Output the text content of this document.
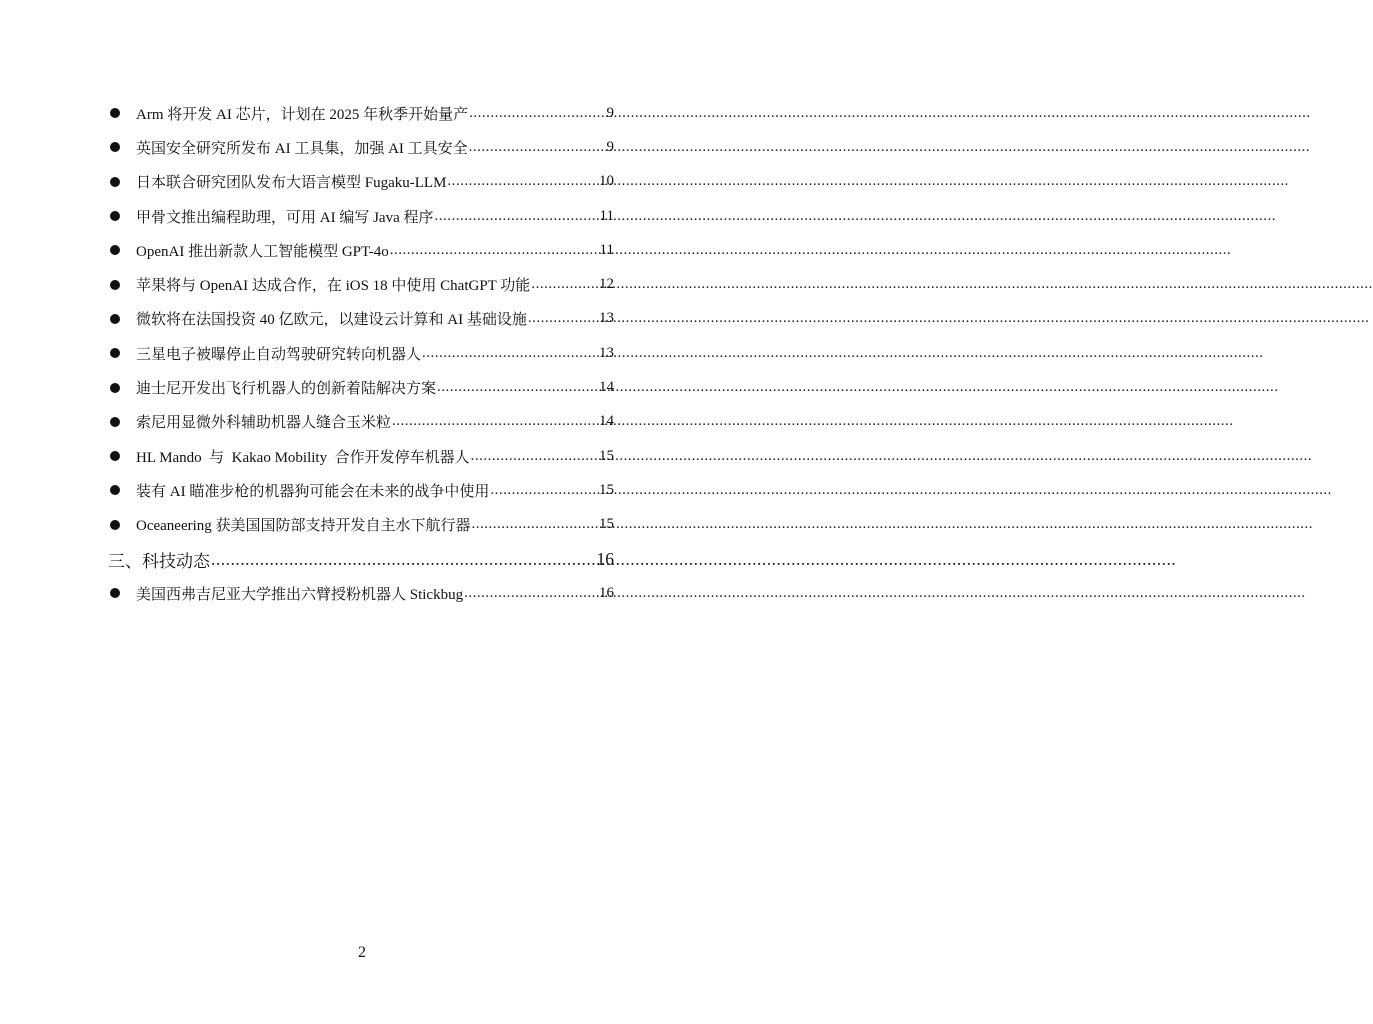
Arm 将开发 AI 芯片，计划在 2025 年秋季开始量产 .....	9
英国安全研究所发布 AI 工具集，加强 AI 工具安全 .....	9
日本联合研究团队发布大语言模型 Fugaku-LLM .....	10
甲骨文推出编程助理，可用 AI 编写 Java 程序 .....	11
OpenAI 推出新款人工智能模型 GPT-4o .....	11
苹果将与 OpenAI 达成合作，在 iOS 18 中使用 ChatGPT 功能 .....	12
微软将在法国投资 40 亿欧元，以建设云计算和 AI 基础设施 .....	13
三星电子被曝停止自动驾驶研究转向机器人 .....	13
迪士尼开发出飞行机器人的创新着陆解决方案 .....	14
索尼用显微外科辅助机器人缝合玉米粒 .....	14
HL Mando  与  Kakao Mobility  合作开发停车机器人 .....	15
装有 AI 瞄准步枪的机器狗可能会在未来的战争中使用 .....	15
Oceaneering 获美国国防部支持开发自主水下航行器 .....	15
三、科技动态 .....	16
美国西弗吉尼亚大学推出六臂授粉机器人 Stickbug .....	16
2
